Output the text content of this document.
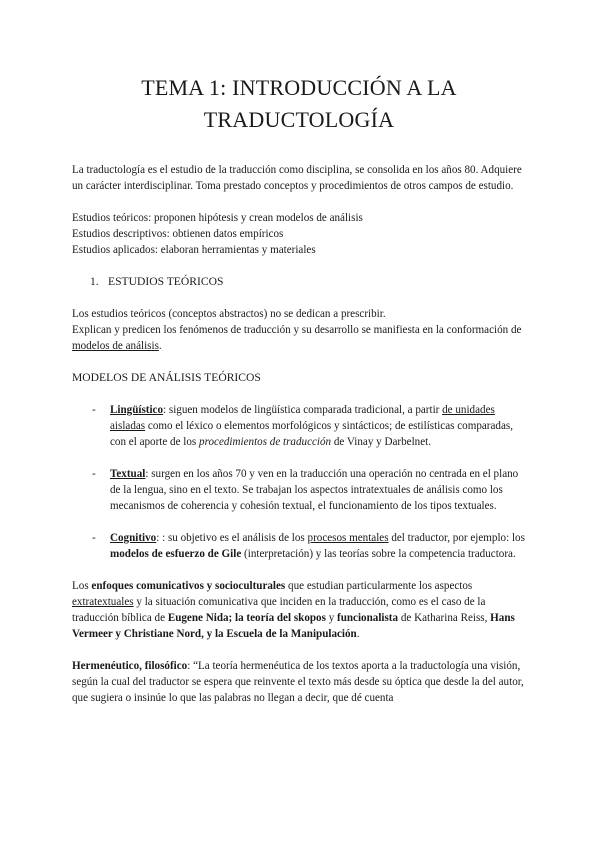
TEMA 1: INTRODUCCIÓN A LA
TRADUCTOLOGÍA

La traductología es el estudio de la traducción como disciplina, se consolida en los años 80. Adquiere un carácter interdisciplinar. Toma prestado conceptos y procedimientos de otros campos de estudio.

Estudios teóricos: proponen hipótesis y crean modelos de análisis

Estudios descriptivos: obtienen datos empíricos

Estudios aplicados: elaboran herramientas y materiales

1. ESTUDIOS TEÓRICOS

Los estudios teóricos (conceptos abstractos) no se dedican a prescribir.

Explican y predicen los fenómenos de traducción y su desarrollo se manifiesta en la conformación de modelos de análisis.

MODELOS DE ANÁLISIS TEÓRICOS

- Lingüístico: siguen modelos de lingüística comparada tradicional, a partir de unidades aisladas como el léxico o elementos morfológicos y sintácticos; de estilísticas comparadas, con el aporte de los procedimientos de traducción de Vinay y Darbelnet.
- Textual: surgen en los años 70 y ven en la traducción una operación no centrada en el plano de la lengua, sino en el texto. Se trabajan los aspectos intratextuales de análisis como los mecanismos de coherencia y cohesión textual, el funcionamiento de los tipos textuales.
- Cognitivo: : su objetivo es el análisis de los procesos mentales del traductor, por ejemplo: los modelos de esfuerzo de Gile (interpretación) y las teorías sobre la competencia traductora.

Los enfoques comunicativos y socioculturales que estudian particularmente los aspectos extratextuales y la situación comunicativa que inciden en la traducción, como es el caso de la traducción bíblica de Eugene Nida; la teoría del skopos y funcionalista de Katharina Reiss, Hans Vermeer y Christiane Nord, y la Escuela de la Manipulación.

Hermenéutico, filosófico: “La teoría hermenéutica de los textos aporta a la traductología una visión, según la cual del traductor se espera que reinvente el texto más desde su óptica que desde la del autor, que sugiera o insinúe lo que las palabras no llegan a decir, que dé cuenta
